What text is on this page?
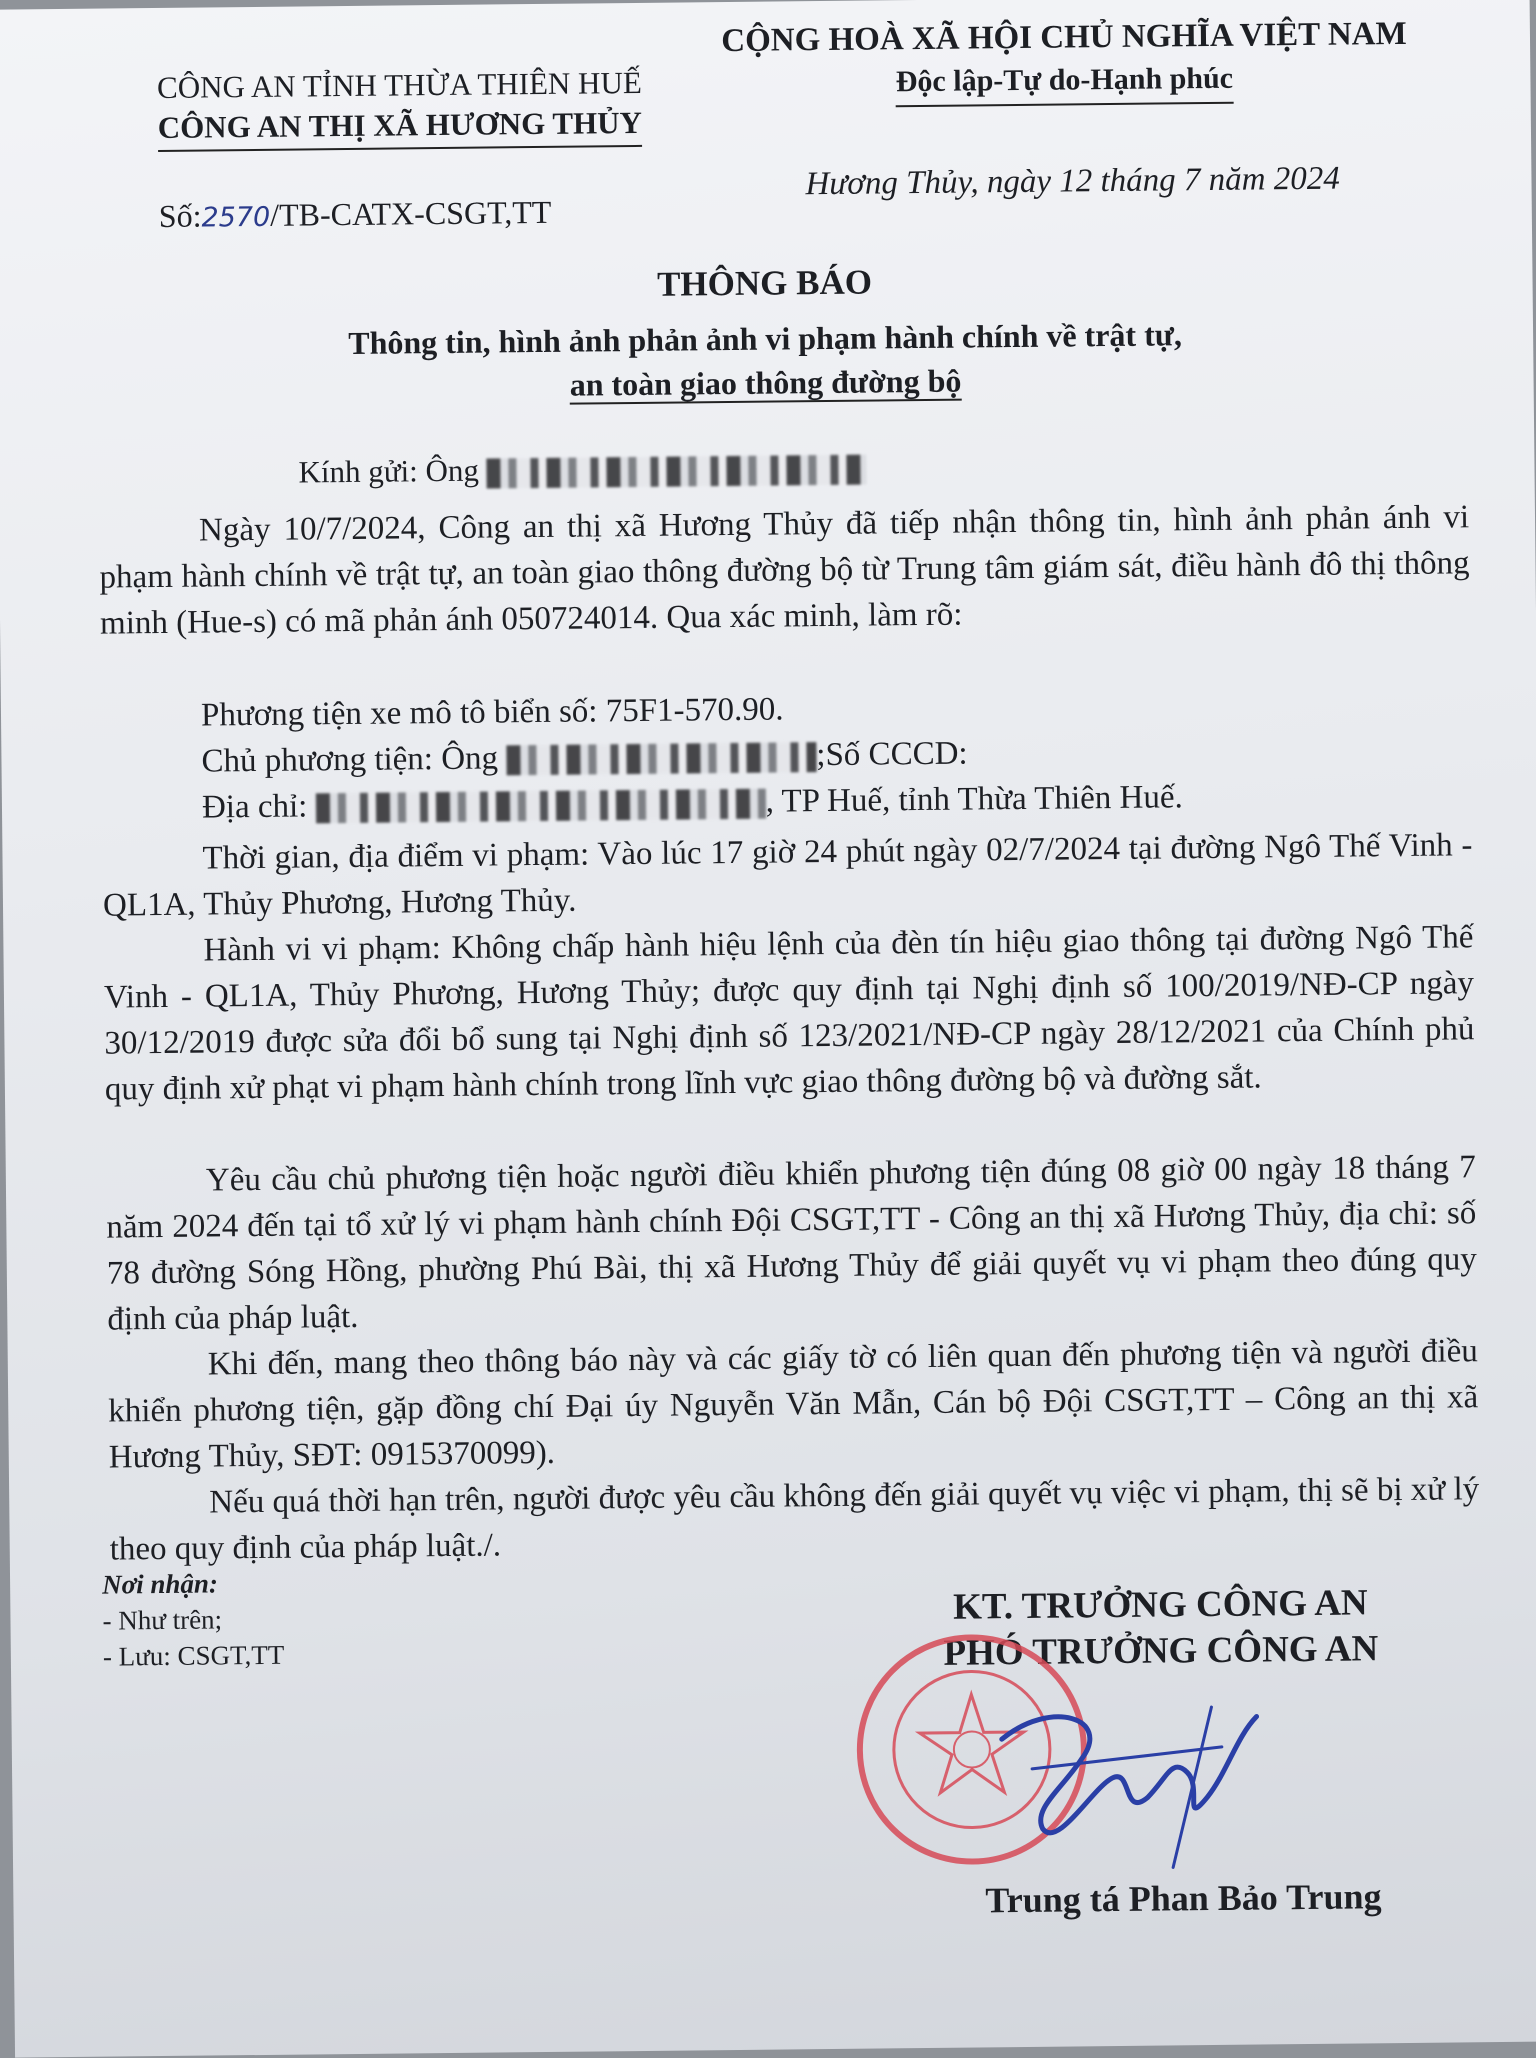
CÔNG AN TỈNH THỪA THIÊN HUẾ
CÔNG AN THỊ XÃ HƯƠNG THỦY
CỘNG HOÀ XÃ HỘI CHỦ NGHĨA VIỆT NAM
Độc lập-Tự do-Hạnh phúc
Số:2570/TB-CATX-CSGT,TT
Hương Thủy, ngày 12 tháng 7 năm 2024
THÔNG BÁO
Thông tin, hình ảnh phản ảnh vi phạm hành chính về trật tự,
an toàn giao thông đường bộ
Kính gửi: Ông
Ngày 10/7/2024, Công an thị xã Hương Thủy đã tiếp nhận thông tin, hình ảnh phản ánh vi phạm hành chính về trật tự, an toàn giao thông đường bộ từ Trung tâm giám sát, điều hành đô thị thông minh (Hue-s) có mã phản ánh 050724014. Qua xác minh, làm rõ:
Phương tiện xe mô tô biển số: 75F1-570.90.
Chủ phương tiện: Ông	;Số CCCD:
Địa chỉ:	, TP Huế, tỉnh Thừa Thiên Huế.
Thời gian, địa điểm vi phạm: Vào lúc 17 giờ 24 phút ngày 02/7/2024 tại đường Ngô Thế Vinh - QL1A, Thủy Phương, Hương Thủy.
Hành vi vi phạm: Không chấp hành hiệu lệnh của đèn tín hiệu giao thông tại đường Ngô Thế Vinh - QL1A, Thủy Phương, Hương Thủy; được quy định tại Nghị định số 100/2019/NĐ-CP ngày 30/12/2019 được sửa đổi bổ sung tại Nghị định số 123/2021/NĐ-CP ngày 28/12/2021 của Chính phủ quy định xử phạt vi phạm hành chính trong lĩnh vực giao thông đường bộ và đường sắt.
Yêu cầu chủ phương tiện hoặc người điều khiển phương tiện đúng 08 giờ 00 ngày 18 tháng 7 năm 2024 đến tại tổ xử lý vi phạm hành chính Đội CSGT,TT - Công an thị xã Hương Thủy, địa chỉ: số 78 đường Sóng Hồng, phường Phú Bài, thị xã Hương Thủy để giải quyết vụ vi phạm theo đúng quy định của pháp luật.
Khi đến, mang theo thông báo này và các giấy tờ có liên quan đến phương tiện và người điều khiển phương tiện, gặp đồng chí Đại úy Nguyễn Văn Mẫn, Cán bộ Đội CSGT,TT – Công an thị xã Hương Thủy, SĐT: 0915370099).
Nếu quá thời hạn trên, người được yêu cầu không đến giải quyết vụ việc vi phạm, thị sẽ bị xử lý theo quy định của pháp luật./.
Nơi nhận:
- Như trên;
- Lưu: CSGT,TT
KT. TRƯỞNG CÔNG AN
PHÓ TRƯỞNG CÔNG AN
Trung tá Phan Bảo Trung
